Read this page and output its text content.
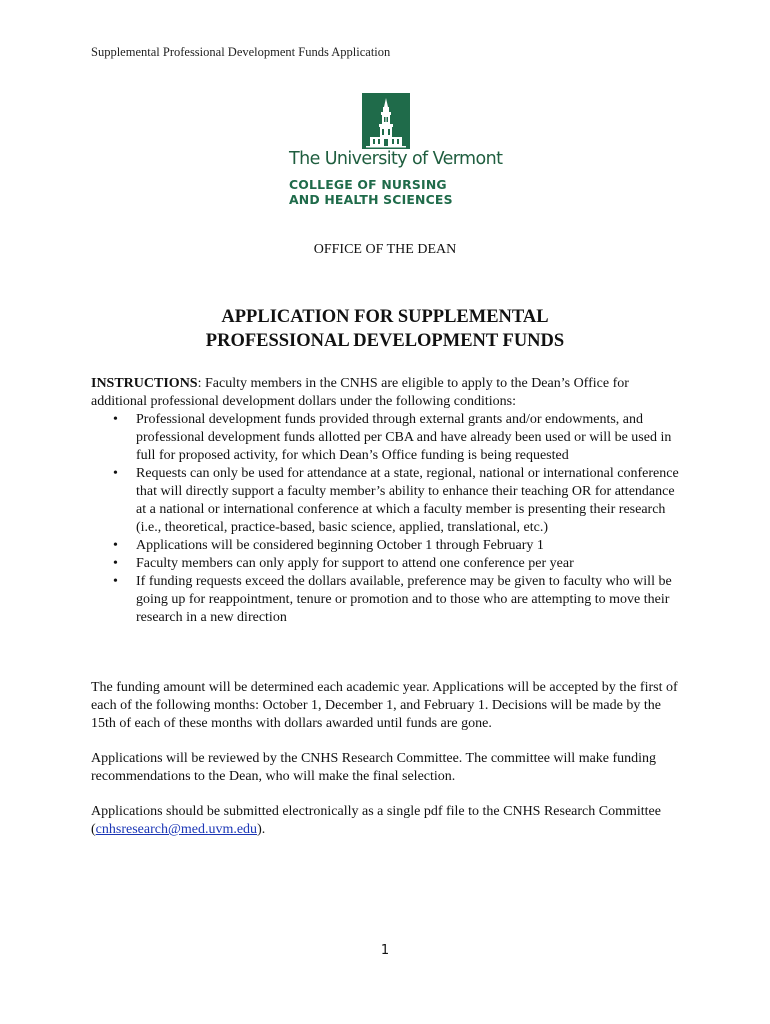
Supplemental Professional Development Funds Application
The University of Vermont
COLLEGE OF NURSING
AND HEALTH SCIENCES
OFFICE OF THE DEAN
APPLICATION FOR SUPPLEMENTAL
PROFESSIONAL DEVELOPMENT FUNDS
INSTRUCTIONS: Faculty members in the CNHS are eligible to apply to the Dean’s Office for additional professional development dollars under the following conditions:
• Professional development funds provided through external grants and/or endowments, and professional development funds allotted per CBA and have already been used or will be used in full for proposed activity, for which Dean’s Office funding is being requested
• Requests can only be used for attendance at a state, regional, national or international conference that will directly support a faculty member’s ability to enhance their teaching OR for attendance at a national or international conference at which a faculty member is presenting their research (i.e., theoretical, practice-based, basic science, applied, translational, etc.)
• Applications will be considered beginning October 1 through February 1
• Faculty members can only apply for support to attend one conference per year
• If funding requests exceed the dollars available, preference may be given to faculty who will be going up for reappointment, tenure or promotion and to those who are attempting to move their research in a new direction
The funding amount will be determined each academic year. Applications will be accepted by the first of each of the following months: October 1, December 1, and February 1. Decisions will be made by the 15th of each of these months with dollars awarded until funds are gone.
Applications will be reviewed by the CNHS Research Committee. The committee will make funding recommendations to the Dean, who will make the final selection.
Applications should be submitted electronically as a single pdf file to the CNHS Research Committee (cnhsresearch@med.uvm.edu).
1
